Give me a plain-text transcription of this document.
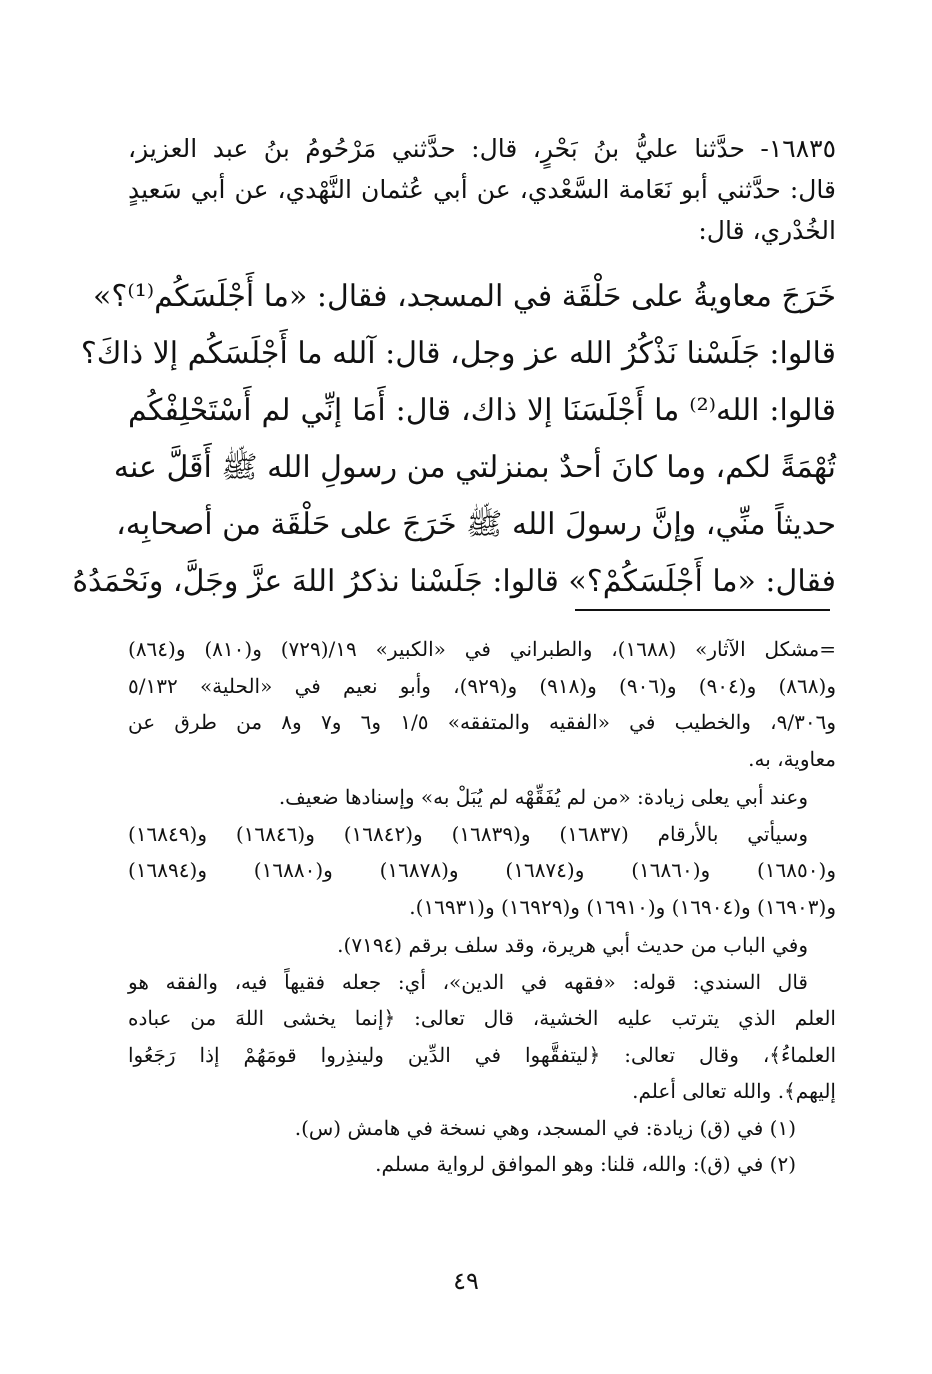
١٦٨٣٥- حدَّثنا عليُّ بنُ بَحْرٍ، قال: حدَّثني مَرْحُومُ بنُ عبد العزيز،
قال: حدَّثني أبو نَعَامة السَّعْدي، عن أبي عُثمان النَّهْدي، عن أبي سَعيدٍ
الخُدْري، قال:
خَرَجَ معاويةُ على حَلْقَة في المسجد، فقال: «ما أَجْلَسَكُم⁽¹⁾؟»
قالوا: جَلَسْنا نَذْكُرُ الله عز وجل، قال: آلله ما أَجْلَسَكُم إلا ذاكَ؟
قالوا: الله⁽²⁾ ما أَجْلَسَنَا إلا ذاك، قال: أَمَا إنِّي لم أَسْتَحْلِفْكُم
تُهْمَةً لكم، وما كانَ أحدٌ بمنزلتي من رسولِ الله ﷺ أَقَلَّ عنه
حديثاً منِّي، وإنَّ رسولَ الله ﷺ خَرَجَ على حَلْقَة من أصحابِه،
فقال: «ما أَجْلَسَكُمْ؟» قالوا: جَلَسْنا نذكرُ اللهَ عزَّ وجَلَّ، ونَحْمَدُهُ
=مشكل الآثار» (١٦٨٨)، والطبراني في «الكبير» ١٩/(٧٢٩) و(٨١٠) و(٨٦٤)
و(٨٦٨) و(٩٠٤) و(٩٠٦) و(٩١٨) و(٩٢٩)، وأبو نعيم في «الحلية» ٥/١٣٢
و٩/٣٠٦، والخطيب في «الفقيه والمتفقه» ١/٥ و٦ و٧ و٨ من طرق عن
معاوية، به.
وعند أبي يعلى زيادة: «من لم يُفَقِّهْه لم يُبَلْ به» وإسنادها ضعيف.
وسيأتي بالأرقام (١٦٨٣٧) و(١٦٨٣٩) و(١٦٨٤٢) و(١٦٨٤٦) و(١٦٨٤٩)
و(١٦٨٥٠) و(١٦٨٦٠) و(١٦٨٧٤) و(١٦٨٧٨) و(١٦٨٨٠) و(١٦٨٩٤)
و(١٦٩٠٣) و(١٦٩٠٤) و(١٦٩١٠) و(١٦٩٢٩) و(١٦٩٣١).
وفي الباب من حديث أبي هريرة، وقد سلف برقم (٧١٩٤).
قال السندي: قوله: «فقهه في الدين»، أي: جعله فقيهاً فيه، والفقه هو
العلم الذي يترتب عليه الخشية، قال تعالى: ﴿إنما يخشى اللهَ من عباده
العلماءُ﴾، وقال تعالى: ﴿ليتفقَّهوا في الدِّين ولينذِروا قومَهُمْ إذا رَجَعُوا
إليهم﴾. والله تعالى أعلم.
(١) في (ق) زيادة: في المسجد، وهي نسخة في هامش (س).
(٢) في (ق): والله، قلنا: وهو الموافق لرواية مسلم.
٤٩
